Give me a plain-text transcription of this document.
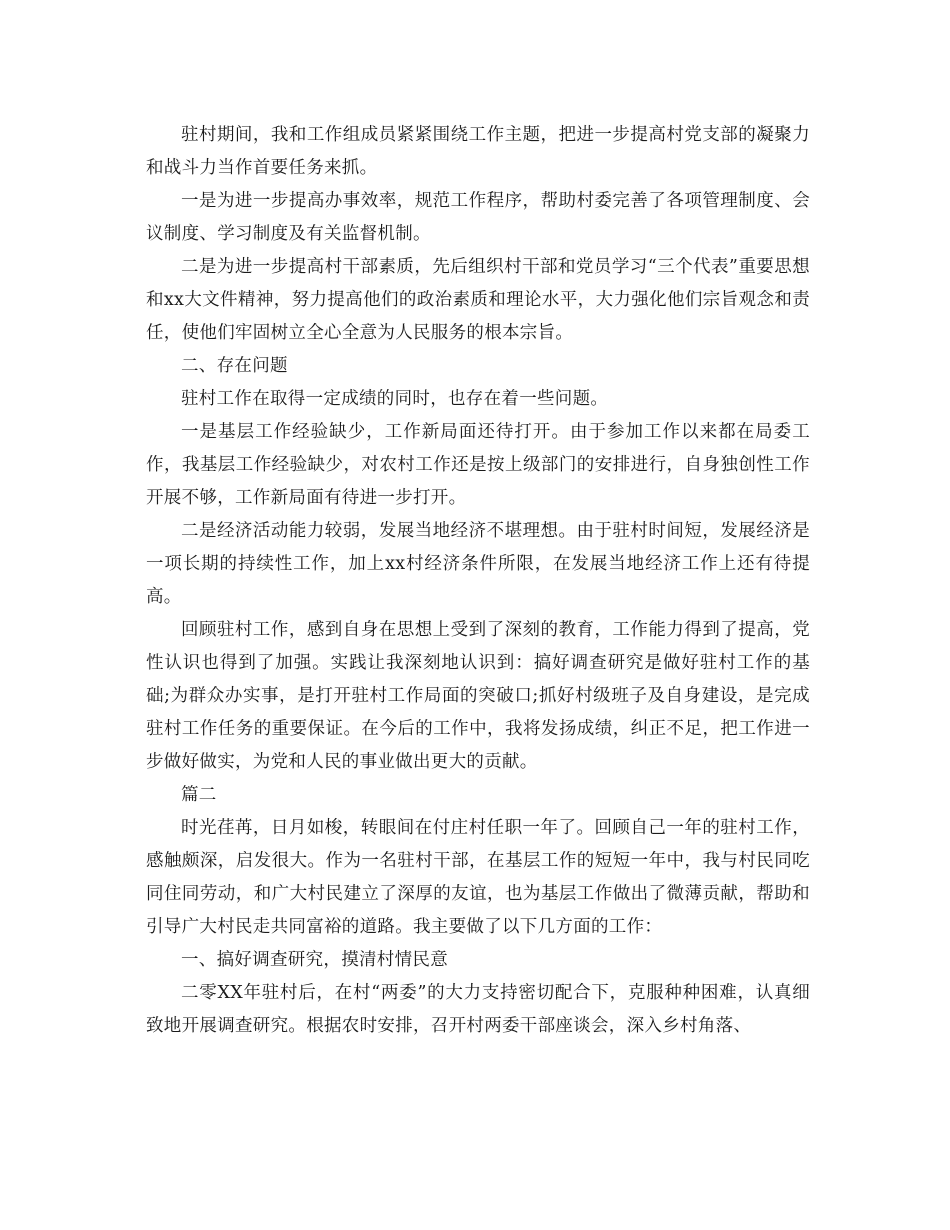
驻村期间，我和工作组成员紧紧围绕工作主题，把进一步提高村党支部的凝聚力和战斗力当作首要任务来抓。

一是为进一步提高办事效率，规范工作程序，帮助村委完善了各项管理制度、会议制度、学习制度及有关监督机制。

二是为进一步提高村干部素质，先后组织村干部和党员学习“三个代表”重要思想和xx大文件精神，努力提高他们的政治素质和理论水平，大力强化他们宗旨观念和责任，使他们牢固树立全心全意为人民服务的根本宗旨。

二、存在问题

驻村工作在取得一定成绩的同时，也存在着一些问题。

一是基层工作经验缺少，工作新局面还待打开。由于参加工作以来都在局委工作，我基层工作经验缺少，对农村工作还是按上级部门的安排进行，自身独创性工作开展不够，工作新局面有待进一步打开。

二是经济活动能力较弱，发展当地经济不堪理想。由于驻村时间短，发展经济是一项长期的持续性工作，加上xx村经济条件所限，在发展当地经济工作上还有待提高。

回顾驻村工作，感到自身在思想上受到了深刻的教育，工作能力得到了提高，党性认识也得到了加强。实践让我深刻地认识到：搞好调查研究是做好驻村工作的基础;为群众办实事，是打开驻村工作局面的突破口;抓好村级班子及自身建设，是完成驻村工作任务的重要保证。在今后的工作中，我将发扬成绩，纠正不足，把工作进一步做好做实，为党和人民的事业做出更大的贡献。

篇二

时光荏苒，日月如梭，转眼间在付庄村任职一年了。回顾自己一年的驻村工作，感触颇深，启发很大。作为一名驻村干部，在基层工作的短短一年中，我与村民同吃同住同劳动，和广大村民建立了深厚的友谊，也为基层工作做出了微薄贡献，帮助和引导广大村民走共同富裕的道路。我主要做了以下几方面的工作：

一、搞好调查研究，摸清村情民意

二零XX年驻村后，在村“两委”的大力支持密切配合下，克服种种困难，认真细致地开展调查研究。根据农时安排，召开村两委干部座谈会，深入乡村角落、
